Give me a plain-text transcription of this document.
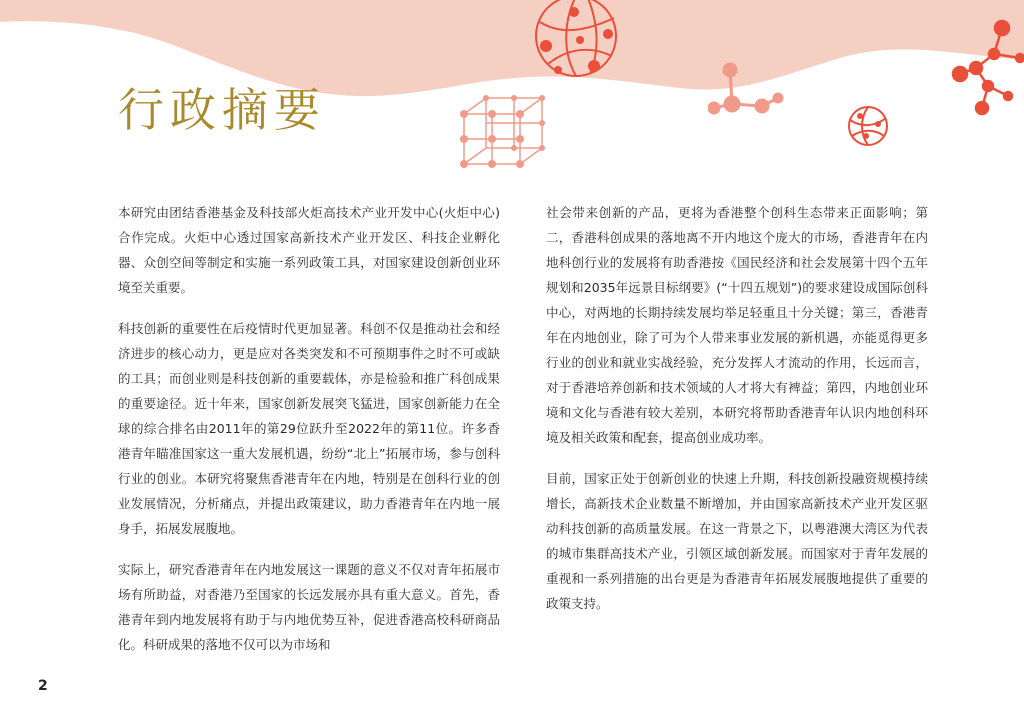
行政摘要

本研究由团结香港基金及科技部火炬高技术产业开发中心(火炬中心)合作完成。火炬中心透过国家高新技术产业开发区、科技企业孵化器、众创空间等制定和实施一系列政策工具，对国家建设创新创业环境至关重要。

科技创新的重要性在后疫情时代更加显著。科创不仅是推动社会和经济进步的核心动力，更是应对各类突发和不可预期事件之时不可或缺的工具；而创业则是科技创新的重要载体，亦是检验和推广科创成果的重要途径。近十年来，国家创新发展突飞猛进，国家创新能力在全球的综合排名由2011年的第29位跃升至2022年的第11位。许多香港青年瞄准国家这一重大发展机遇，纷纷“北上”拓展市场，参与创科行业的创业。本研究将聚焦香港青年在内地，特别是在创科行业的创业发展情况，分析痛点，并提出政策建议，助力香港青年在内地一展身手，拓展发展腹地。

实际上，研究香港青年在内地发展这一课题的意义不仅对青年拓展市场有所助益，对香港乃至国家的长远发展亦具有重大意义。首先，香港青年到内地发展将有助于与内地优势互补，促进香港高校科研商品化。科研成果的落地不仅可以为市场和

社会带来创新的产品，更将为香港整个创科生态带来正面影响；第二，香港科创成果的落地离不开内地这个庞大的市场，香港青年在内地科创行业的发展将有助香港按《国民经济和社会发展第十四个五年规划和2035年远景目标纲要》(“十四五规划”)的要求建设成国际创科中心，对两地的长期持续发展均举足轻重且十分关键；第三，香港青年在内地创业，除了可为个人带来事业发展的新机遇，亦能觅得更多行业的创业和就业实战经验，充分发挥人才流动的作用，长远而言，对于香港培养创新和技术领域的人才将大有裨益；第四，内地创业环境和文化与香港有较大差别，本研究将帮助香港青年认识内地创科环境及相关政策和配套，提高创业成功率。

目前，国家正处于创新创业的快速上升期，科技创新投融资规模持续增长，高新技术企业数量不断增加，并由国家高新技术产业开发区驱动科技创新的高质量发展。在这一背景之下，以粤港澳大湾区为代表的城市集群高技术产业，引领区域创新发展。而国家对于青年发展的重视和一系列措施的出台更是为香港青年拓展发展腹地提供了重要的政策支持。

2
